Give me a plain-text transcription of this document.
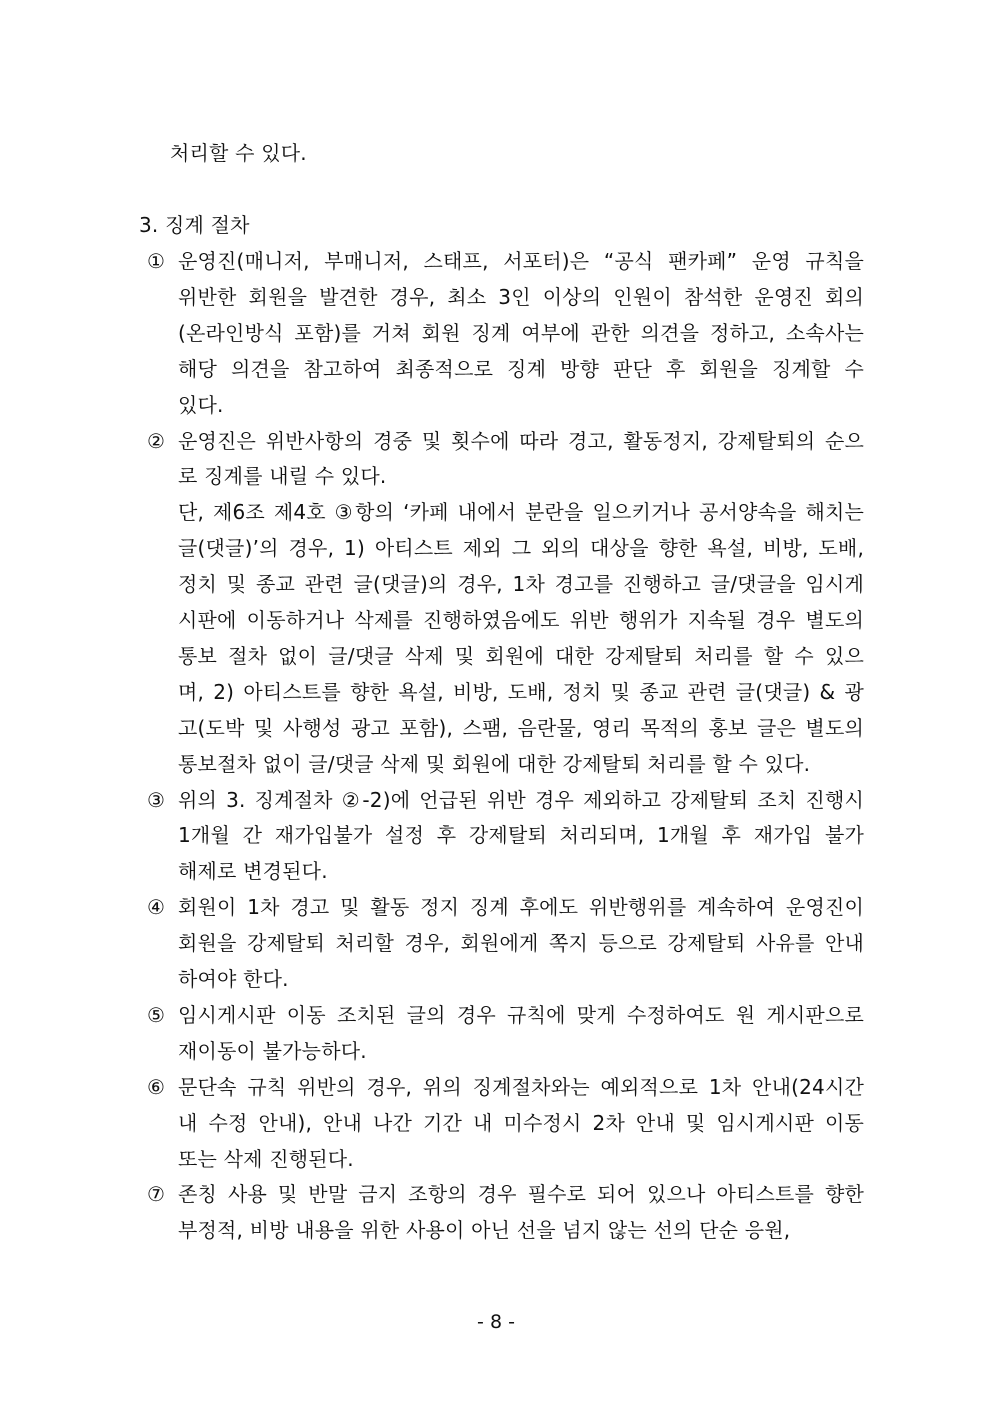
처리할 수 있다.
3. 징계 절차
① 운영진(매니저, 부매니저, 스태프, 서포터)은 “공식 팬카페” 운영 규칙을
위반한 회원을 발견한 경우, 최소 3인 이상의 인원이 참석한 운영진 회의
(온라인방식 포함)를 거쳐 회원 징계 여부에 관한 의견을 정하고, 소속사는
해당 의견을 참고하여 최종적으로 징계 방향 판단 후 회원을 징계할 수
있다.
② 운영진은 위반사항의 경중 및 횟수에 따라 경고, 활동정지, 강제탈퇴의 순으
로 징계를 내릴 수 있다.
단, 제6조 제4호 ③항의 ‘카페 내에서 분란을 일으키거나 공서양속을 해치는
글(댓글)’의 경우, 1) 아티스트 제외 그 외의 대상을 향한 욕설, 비방, 도배,
정치 및 종교 관련 글(댓글)의 경우, 1차 경고를 진행하고 글/댓글을 임시게
시판에 이동하거나 삭제를 진행하였음에도 위반 행위가 지속될 경우 별도의
통보 절차 없이 글/댓글 삭제 및 회원에 대한 강제탈퇴 처리를 할 수 있으
며, 2) 아티스트를 향한 욕설, 비방, 도배, 정치 및 종교 관련 글(댓글) & 광
고(도박 및 사행성 광고 포함), 스팸, 음란물, 영리 목적의 홍보 글은 별도의
통보절차 없이 글/댓글 삭제 및 회원에 대한 강제탈퇴 처리를 할 수 있다.
③ 위의 3. 징계절차 ②-2)에 언급된 위반 경우 제외하고 강제탈퇴 조치 진행시
1개월 간 재가입불가 설정 후 강제탈퇴 처리되며, 1개월 후 재가입 불가
해제로 변경된다.
④ 회원이 1차 경고 및 활동 정지 징계 후에도 위반행위를 계속하여 운영진이
회원을 강제탈퇴 처리할 경우, 회원에게 쪽지 등으로 강제탈퇴 사유를 안내
하여야 한다.
⑤ 임시게시판 이동 조치된 글의 경우 규칙에 맞게 수정하여도 원 게시판으로
재이동이 불가능하다.
⑥ 문단속 규칙 위반의 경우, 위의 징계절차와는 예외적으로 1차 안내(24시간
내 수정 안내), 안내 나간 기간 내 미수정시 2차 안내 및 임시게시판 이동
또는 삭제 진행된다.
⑦ 존칭 사용 및 반말 금지 조항의 경우 필수로 되어 있으나 아티스트를 향한
부정적, 비방 내용을 위한 사용이 아닌 선을 넘지 않는 선의 단순 응원,
- 8 -
